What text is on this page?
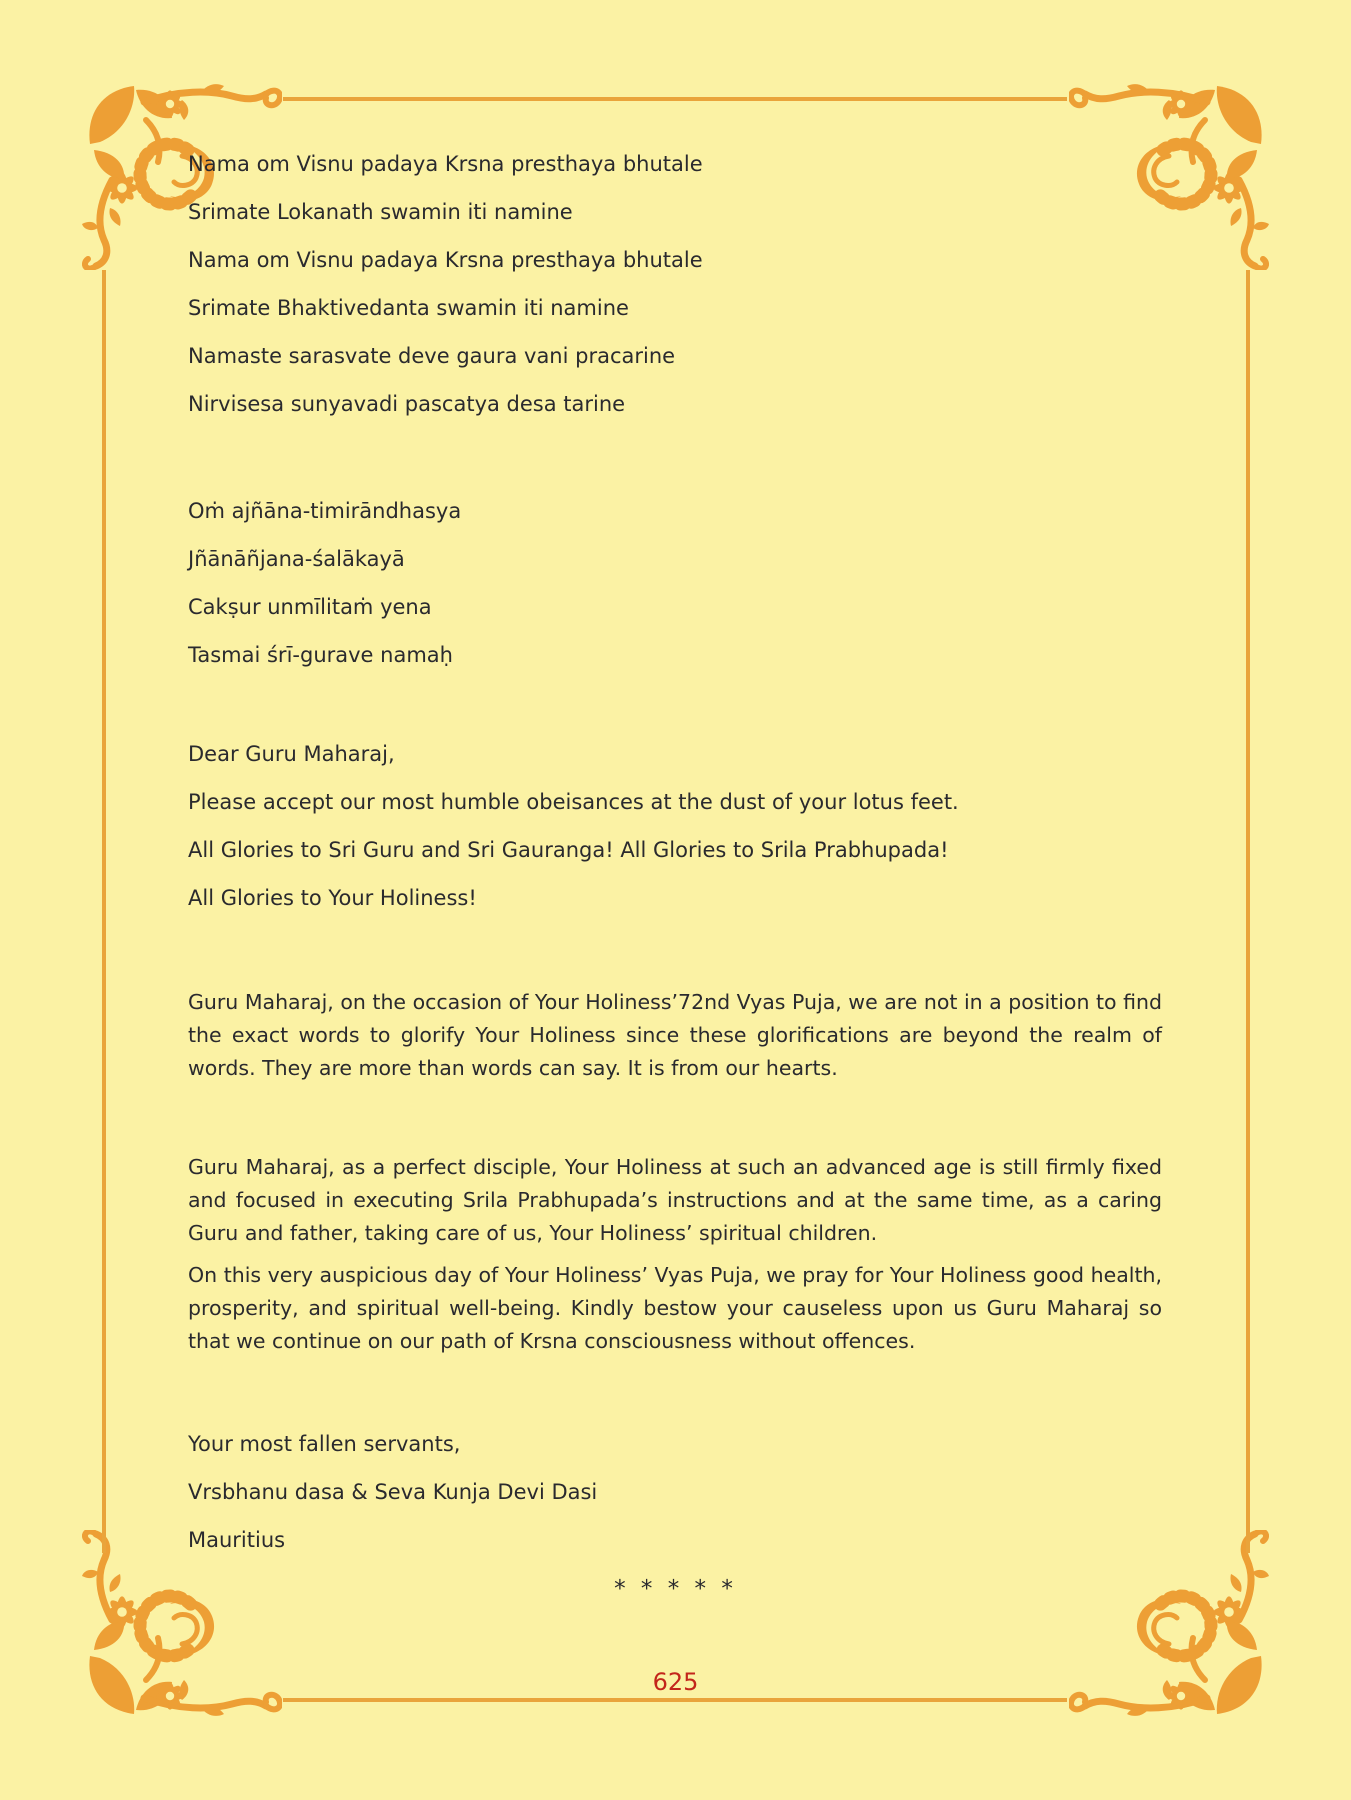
Nama om Visnu padaya Krsna presthaya bhutale
Srimate Lokanath swamin iti namine
Nama om Visnu padaya Krsna presthaya bhutale
Srimate Bhaktivedanta swamin iti namine
Namaste sarasvate deve gaura vani pracarine
Nirvisesa sunyavadi pascatya desa tarine
Oṁ ajñāna-timirāndhasya
Jñānāñjana-śalākayā
Cakṣur unmīlitaṁ yena
Tasmai śrī-gurave namaḥ
Dear Guru Maharaj,
Please accept our most humble obeisances at the dust of your lotus feet.
All Glories to Sri Guru and Sri Gauranga! All Glories to Srila Prabhupada!
All Glories to Your Holiness!

Guru Maharaj, on the occasion of Your Holiness’72nd Vyas Puja, we are not in a position to find the exact words to glorify Your Holiness since these glorifications are beyond the realm of words. They are more than words can say. It is from our hearts.

Guru Maharaj, as a perfect disciple, Your Holiness at such an advanced age is still firmly fixed and focused in executing Srila Prabhupada’s instructions and at the same time, as a caring Guru and father, taking care of us, Your Holiness’ spiritual children.

On this very auspicious day of Your Holiness’ Vyas Puja, we pray for Your Holiness good health, prosperity, and spiritual well-being. Kindly bestow your causeless upon us Guru Maharaj so that we continue on our path of Krsna consciousness without offences.

Your most fallen servants,
Vrsbhanu dasa & Seva Kunja Devi Dasi
Mauritius
* * * * *
625
